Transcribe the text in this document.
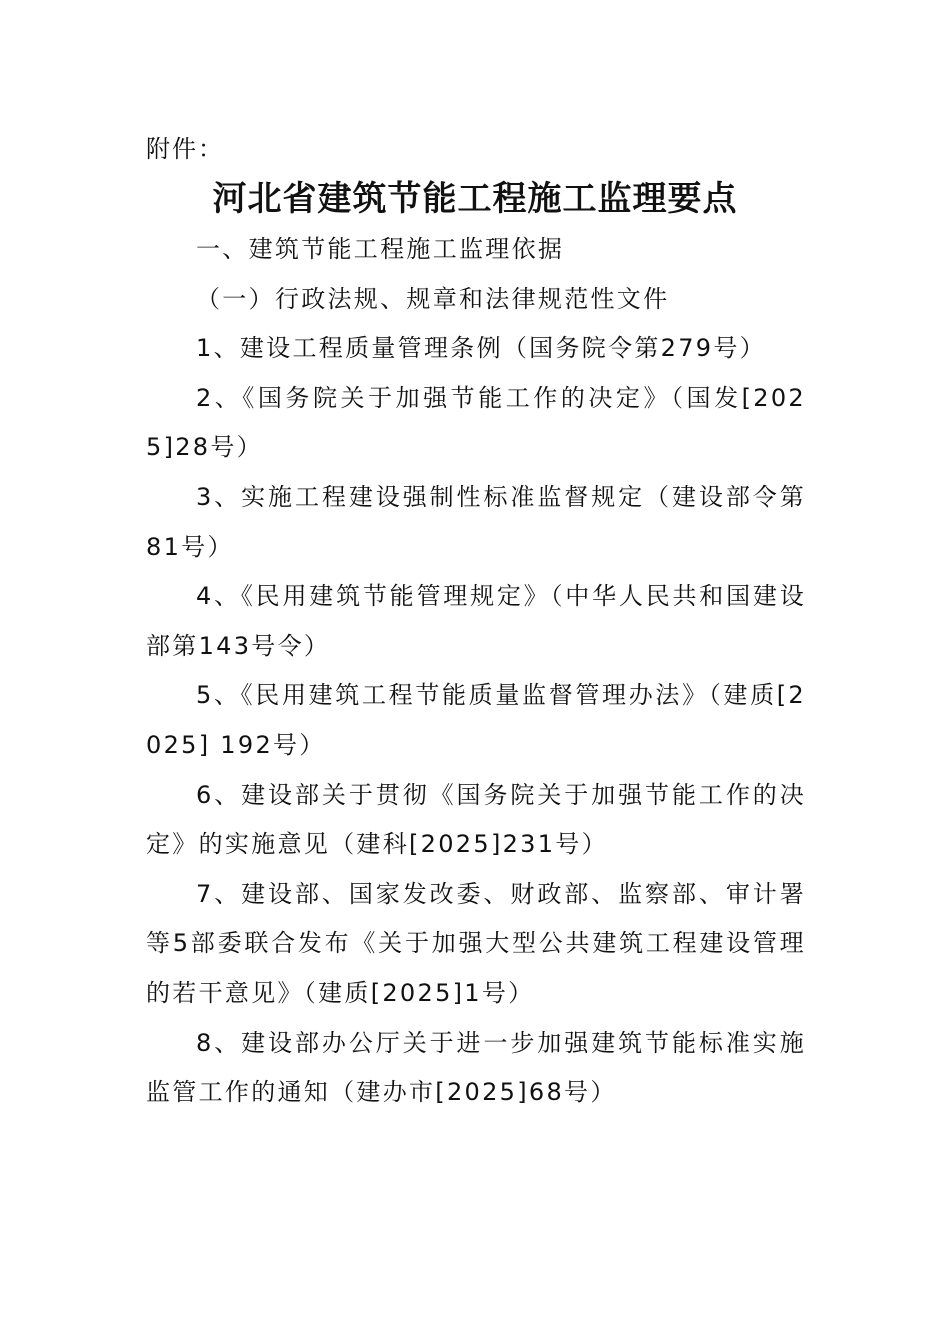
附件：
河北省建筑节能工程施工监理要点

一、建筑节能工程施工监理依据

（一）行政法规、规章和法律规范性文件

1、建设工程质量管理条例（国务院令第279号）

2、《国务院关于加强节能工作的决定》（国发[2025]28号）

3、实施工程建设强制性标准监督规定（建设部令第81号）

4、《民用建筑节能管理规定》（中华人民共和国建设部第143号令）

5、《民用建筑工程节能质量监督管理办法》（建质[2025] 192号）

6、建设部关于贯彻《国务院关于加强节能工作的决定》的实施意见（建科[2025]231号）

7、建设部、国家发改委、财政部、监察部、审计署等5部委联合发布《关于加强大型公共建筑工程建设管理的若干意见》（建质[2025]1号）

8、建设部办公厅关于进一步加强建筑节能标准实施监管工作的通知（建办市[2025]68号）
